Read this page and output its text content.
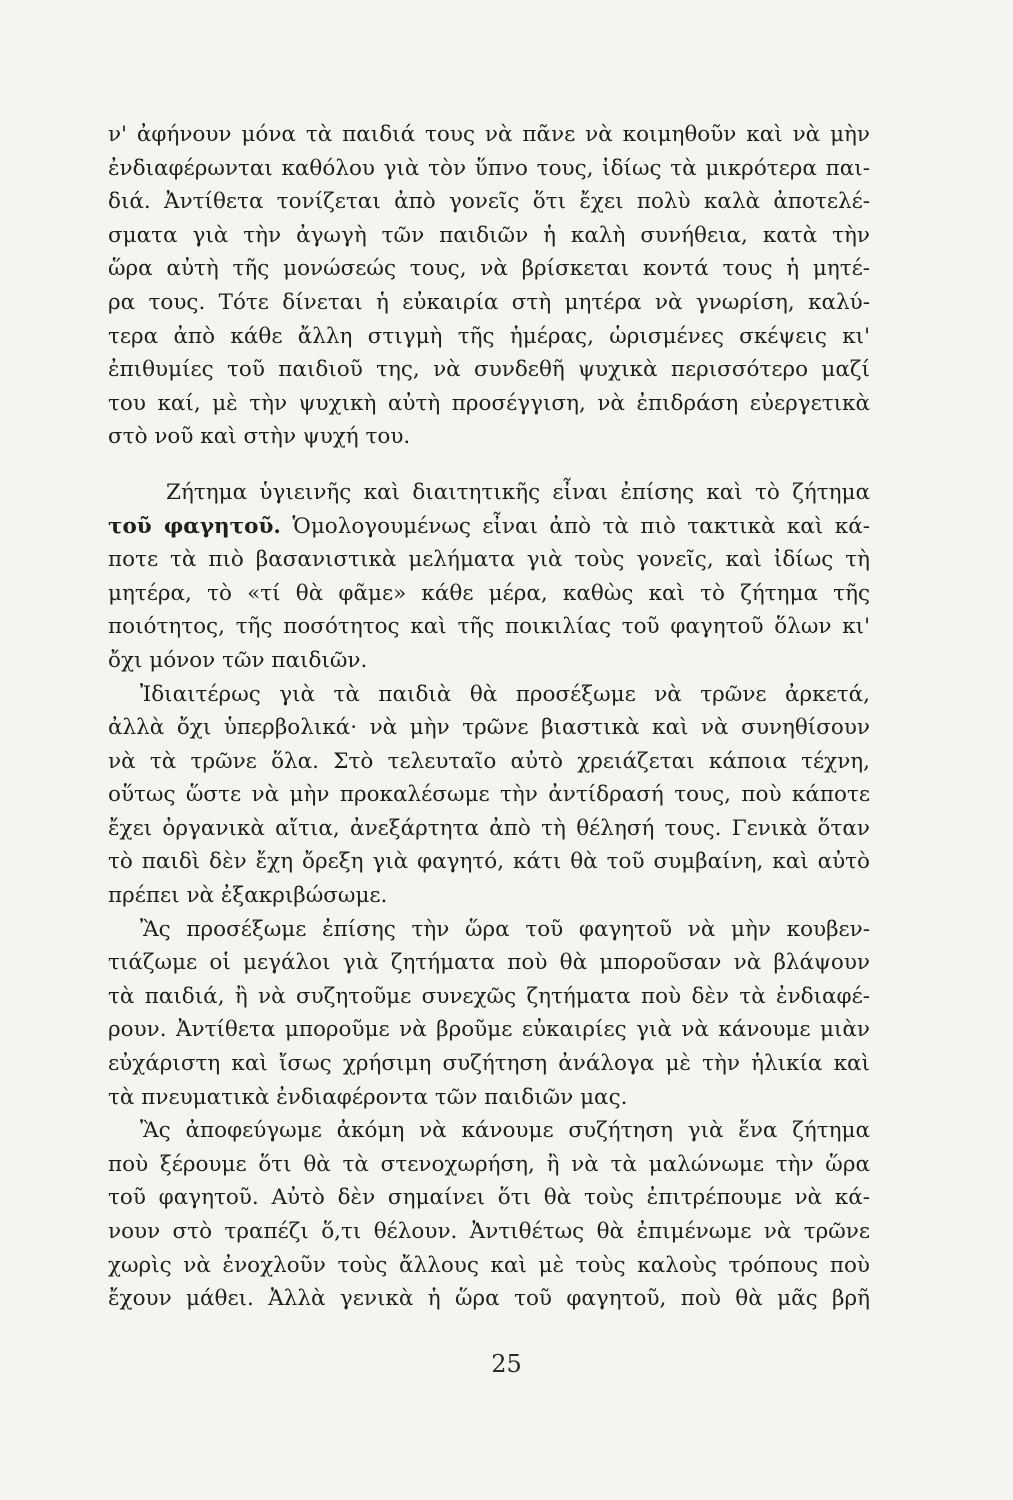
ν' ἀφήνουν μόνα τὰ παιδιά τους νὰ πᾶνε νὰ κοιμηθοῦν καὶ νὰ μὴν
ἐνδιαφέρωνται καθόλου γιὰ τὸν ὕπνο τους, ἰδίως τὰ μικρότερα παι-
διά. Ἀντίθετα τονίζεται ἀπὸ γονεῖς ὅτι ἔχει πολὺ καλὰ ἀποτελέ-
σματα γιὰ τὴν ἀγωγὴ τῶν παιδιῶν ἡ καλὴ συνήθεια, κατὰ τὴν
ὥρα αὐτὴ τῆς μονώσεώς τους, νὰ βρίσκεται κοντά τους ἡ μητέ-
ρα τους. Τότε δίνεται ἡ εὐκαιρία στὴ μητέρα νὰ γνωρίση, καλύ-
τερα ἀπὸ κάθε ἄλλη στιγμὴ τῆς ἡμέρας, ὡρισμένες σκέψεις κι'
ἐπιθυμίες τοῦ παιδιοῦ της, νὰ συνδεθῆ ψυχικὰ περισσότερο μαζί
του καί, μὲ τὴν ψυχικὴ αὐτὴ προσέγγιση, νὰ ἐπιδράση εὐεργετικὰ
στὸ νοῦ καὶ στὴν ψυχή του.
Ζήτημα ὑγιεινῆς καὶ διαιτητικῆς εἶναι ἐπίσης καὶ τὸ ζήτημα
τοῦ φαγητοῦ. Ὁμολογουμένως εἶναι ἀπὸ τὰ πιὸ τακτικὰ καὶ κά-
ποτε τὰ πιὸ βασανιστικὰ μελήματα γιὰ τοὺς γονεῖς, καὶ ἰδίως τὴ
μητέρα, τὸ «τί θὰ φᾶμε» κάθε μέρα, καθὼς καὶ τὸ ζήτημα τῆς
ποιότητος, τῆς ποσότητος καὶ τῆς ποικιλίας τοῦ φαγητοῦ ὅλων κι'
ὄχι μόνον τῶν παιδιῶν.
Ἰδιαιτέρως γιὰ τὰ παιδιὰ θὰ προσέξωμε νὰ τρῶνε ἀρκετά,
ἀλλὰ ὄχι ὑπερβολικά· νὰ μὴν τρῶνε βιαστικὰ καὶ νὰ συνηθίσουν
νὰ τὰ τρῶνε ὅλα. Στὸ τελευταῖο αὐτὸ χρειάζεται κάποια τέχνη,
οὕτως ὥστε νὰ μὴν προκαλέσωμε τὴν ἀντίδρασή τους, ποὺ κάποτε
ἔχει ὀργανικὰ αἴτια, ἀνεξάρτητα ἀπὸ τὴ θέλησή τους. Γενικὰ ὅταν
τὸ παιδὶ δὲν ἔχη ὄρεξη γιὰ φαγητό, κάτι θὰ τοῦ συμβαίνη, καὶ αὐτὸ
πρέπει νὰ ἐξακριβώσωμε.
Ἂς προσέξωμε ἐπίσης τὴν ὥρα τοῦ φαγητοῦ νὰ μὴν κουβεν-
τιάζωμε οἱ μεγάλοι γιὰ ζητήματα ποὺ θὰ μποροῦσαν νὰ βλάψουν
τὰ παιδιά, ἢ νὰ συζητοῦμε συνεχῶς ζητήματα ποὺ δὲν τὰ ἐνδιαφέ-
ρουν. Ἀντίθετα μποροῦμε νὰ βροῦμε εὐκαιρίες γιὰ νὰ κάνουμε μιὰν
εὐχάριστη καὶ ἴσως χρήσιμη συζήτηση ἀνάλογα μὲ τὴν ἡλικία καὶ
τὰ πνευματικὰ ἐνδιαφέροντα τῶν παιδιῶν μας.
Ἂς ἀποφεύγωμε ἀκόμη νὰ κάνουμε συζήτηση γιὰ ἕνα ζήτημα
ποὺ ξέρουμε ὅτι θὰ τὰ στενοχωρήση, ἢ νὰ τὰ μαλώνωμε τὴν ὥρα
τοῦ φαγητοῦ. Αὐτὸ δὲν σημαίνει ὅτι θὰ τοὺς ἐπιτρέπουμε νὰ κά-
νουν στὸ τραπέζι ὅ,τι θέλουν. Ἀντιθέτως θὰ ἐπιμένωμε νὰ τρῶνε
χωρὶς νὰ ἐνοχλοῦν τοὺς ἄλλους καὶ μὲ τοὺς καλοὺς τρόπους ποὺ
ἔχουν μάθει. Ἀλλὰ γενικὰ ἡ ὥρα τοῦ φαγητοῦ, ποὺ θὰ μᾶς βρῆ
25
